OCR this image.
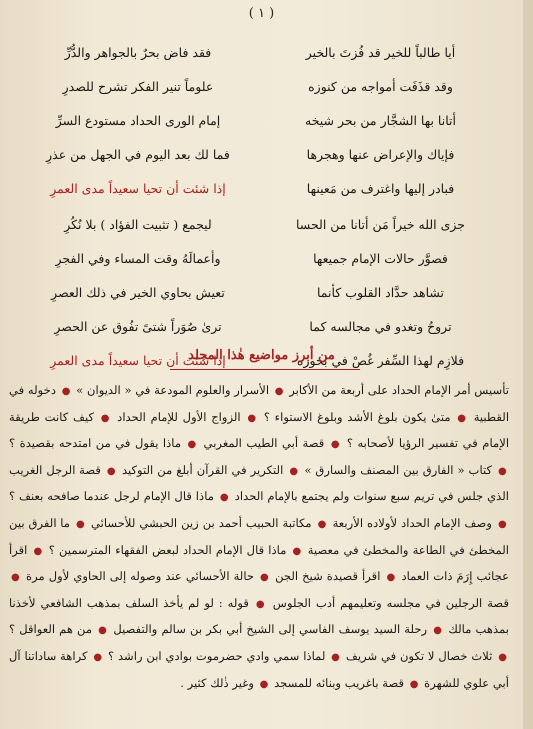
( ١ )
أيا طالباً للخير قد فُزتَ بالخير
فقد فاض بحرٌ بالجواهر والدُّرِّ
وقد قذَفَت أمواجه من كنوزه
علوماً تنير الفكر تشرح للصدرِ
أتانا بها الشجَّار من بحر شيخه
إمام الورى الحداد مستودع السرِّ
فإياك والإعراض عنها وهجرها
فما لك بعد اليوم في الجهل من عذرِ
فبادر إليها واغترف من مَعينها
إذا شئت أن تحيا سعيداً مدى العمرِ
جزى الله خيراً مَن أتانا من الحسا
ليجمع ( تثبيت الفؤاد ) بلا نُكُرِ
فصوَّر حالات الإمام جميعها
وأعمالَهُ وقت المساء وفي الفجرِ
تشاهد حدَّاد القلوب كأنما
تعيش بحاوي الخير في ذلك العصرِ
تروحُ وتغدو في مجالسه كما
ترىٰ صُوَراً شتىً تفُوق عن الحصرِ
فلازِم لهذا السِّفر غُصْ في بحوره
إذا شئت أن تحيا سعيداً مدى العمرِ
من أبرز مواضيع هٰذا المجلد
تأسيس أمر الإمام الحداد على أربعة من الأكابر ● الأسرار والعلوم المودعة في « الديوان » ● دخوله في القطبية ● متىٰ يكون بلوغ الأشد وبلوغ الاستواء ؟ ● الزواج الأول للإمام الحداد ● كيف كانت طريقة الإمام في تفسير الرؤيا لأصحابه ؟ ● قصة أبي الطيب المغربي ● ماذا يقول في من امتدحه بقصيدة ؟ ● كتاب « الفارق بين المصنف والسارق » ● التكرير في القرآن أبلغ من التوكيد ● قصة الرجل الغريب الذي جلس في تريم سبع سنوات ولم يجتمع بالإمام الحداد ● ماذا قال الإمام لرجل عندما صافحه بعنف ؟ ● وصف الإمام الحداد لأولاده الأربعة ● مكاتبة الحبيب أحمد بن زين الحبشي للأحسائي ● ما الفرق بين المخطئ في الطاعة والمخطئ في معصية ● ماذا قال الإمام الحداد لبعض الفقهاء المترسمين ؟ ● اقرأ عجائب إِرَمَ ذات العماد ● اقرأ قصيدة شيخ الجن ● حالة الأحسائي عند وصوله إلى الحاوي لأول مرة ● قصة الرجلين في مجلسه وتعليمهم أدب الجلوس ● قوله : لو لم يأخذ السلف بمذهب الشافعي لأخذنا بمذهب مالك ● رحلة السيد يوسف الفاسي إلى الشيخ أبي بكر بن سالم والتفصيل ● من هم العواقل ؟ ● ثلاث خصال لا تكون في شريف ● لماذا سمي وادي حضرموت بوادي ابن راشد ؟ ● كراهة ساداتنا آل أبي علوي للشهرة ● قصة باغريب وبنائه للمسجد ● وغير ذٰلك كثير .
